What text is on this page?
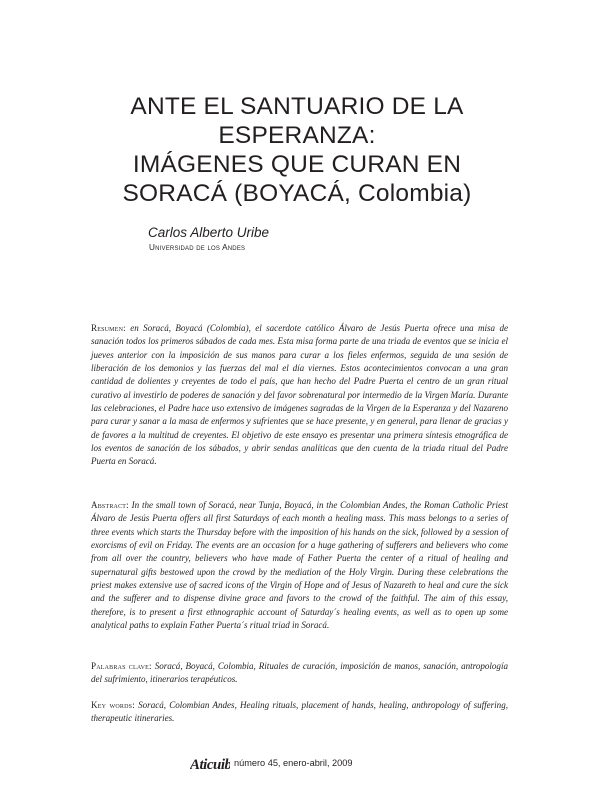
ANTE EL SANTUARIO DE LA
ESPERANZA:
IMÁGENES QUE CURAN EN
SORACÁ (BOYACÁ, Colombia)
Carlos Alberto Uribe
Universidad de los Andes

Resumen: en Soracá, Boyacá (Colombia), el sacerdote católico Álvaro de Jesús Puerta ofrece una misa de sanación todos los primeros sábados de cada mes. Esta misa forma parte de una triada de eventos que se inicia el jueves anterior con la imposición de sus manos para curar a los fieles enfermos, seguida de una sesión de liberación de los demonios y las fuerzas del mal el día viernes. Estos acontecimientos convocan a una gran cantidad de dolientes y creyentes de todo el país, que han hecho del Padre Puerta el centro de un gran ritual curativo al investirlo de poderes de sanación y del favor sobrenatural por intermedio de la Virgen María. Durante las celebraciones, el Padre hace uso extensivo de imágenes sagradas de la Virgen de la Esperanza y del Nazareno para curar y sanar a la masa de enfermos y sufrientes que se hace presente, y en general, para llenar de gracias y de favores a la multitud de creyentes. El objetivo de este ensayo es presentar una primera síntesis etnográfica de los eventos de sanación de los sábados, y abrir sendas analíticas que den cuenta de la triada ritual del Padre Puerta en Soracá.

Abstract: In the small town of Soracá, near Tunja, Boyacá, in the Colombian Andes, the Roman Catholic Priest Álvaro de Jesús Puerta offers all first Saturdays of each month a healing mass. This mass belongs to a series of three events which starts the Thursday before with the imposition of his hands on the sick, followed by a session of exorcisms of evil on Friday. The events are an occasion for a huge gathering of sufferers and believers who come from all over the country, believers who have made of Father Puerta the center of a ritual of healing and supernatural gifts bestowed upon the crowd by the mediation of the Holy Virgin. During these celebrations the priest makes extensive use of sacred icons of the Virgin of Hope and of Jesus of Nazareth to heal and cure the sick and the sufferer and to dispense divine grace and favors to the crowd of the faithful. The aim of this essay, therefore, is to present a first ethnographic account of Saturday´s healing events, as well as to open up some analytical paths to explain Father Puerta´s ritual triad in Soracá.

Palabras clave: Soracá, Boyacá, Colombia, Rituales de curación, imposición de manos, sanación, antropología del sufrimiento, itinerarios terapéuticos.

Key words: Soracá, Colombian Andes, Healing rituals, placement of hands, healing, anthropology of suffering, therapeutic itineraries.

Aticuib número 45, enero-abril, 2009
